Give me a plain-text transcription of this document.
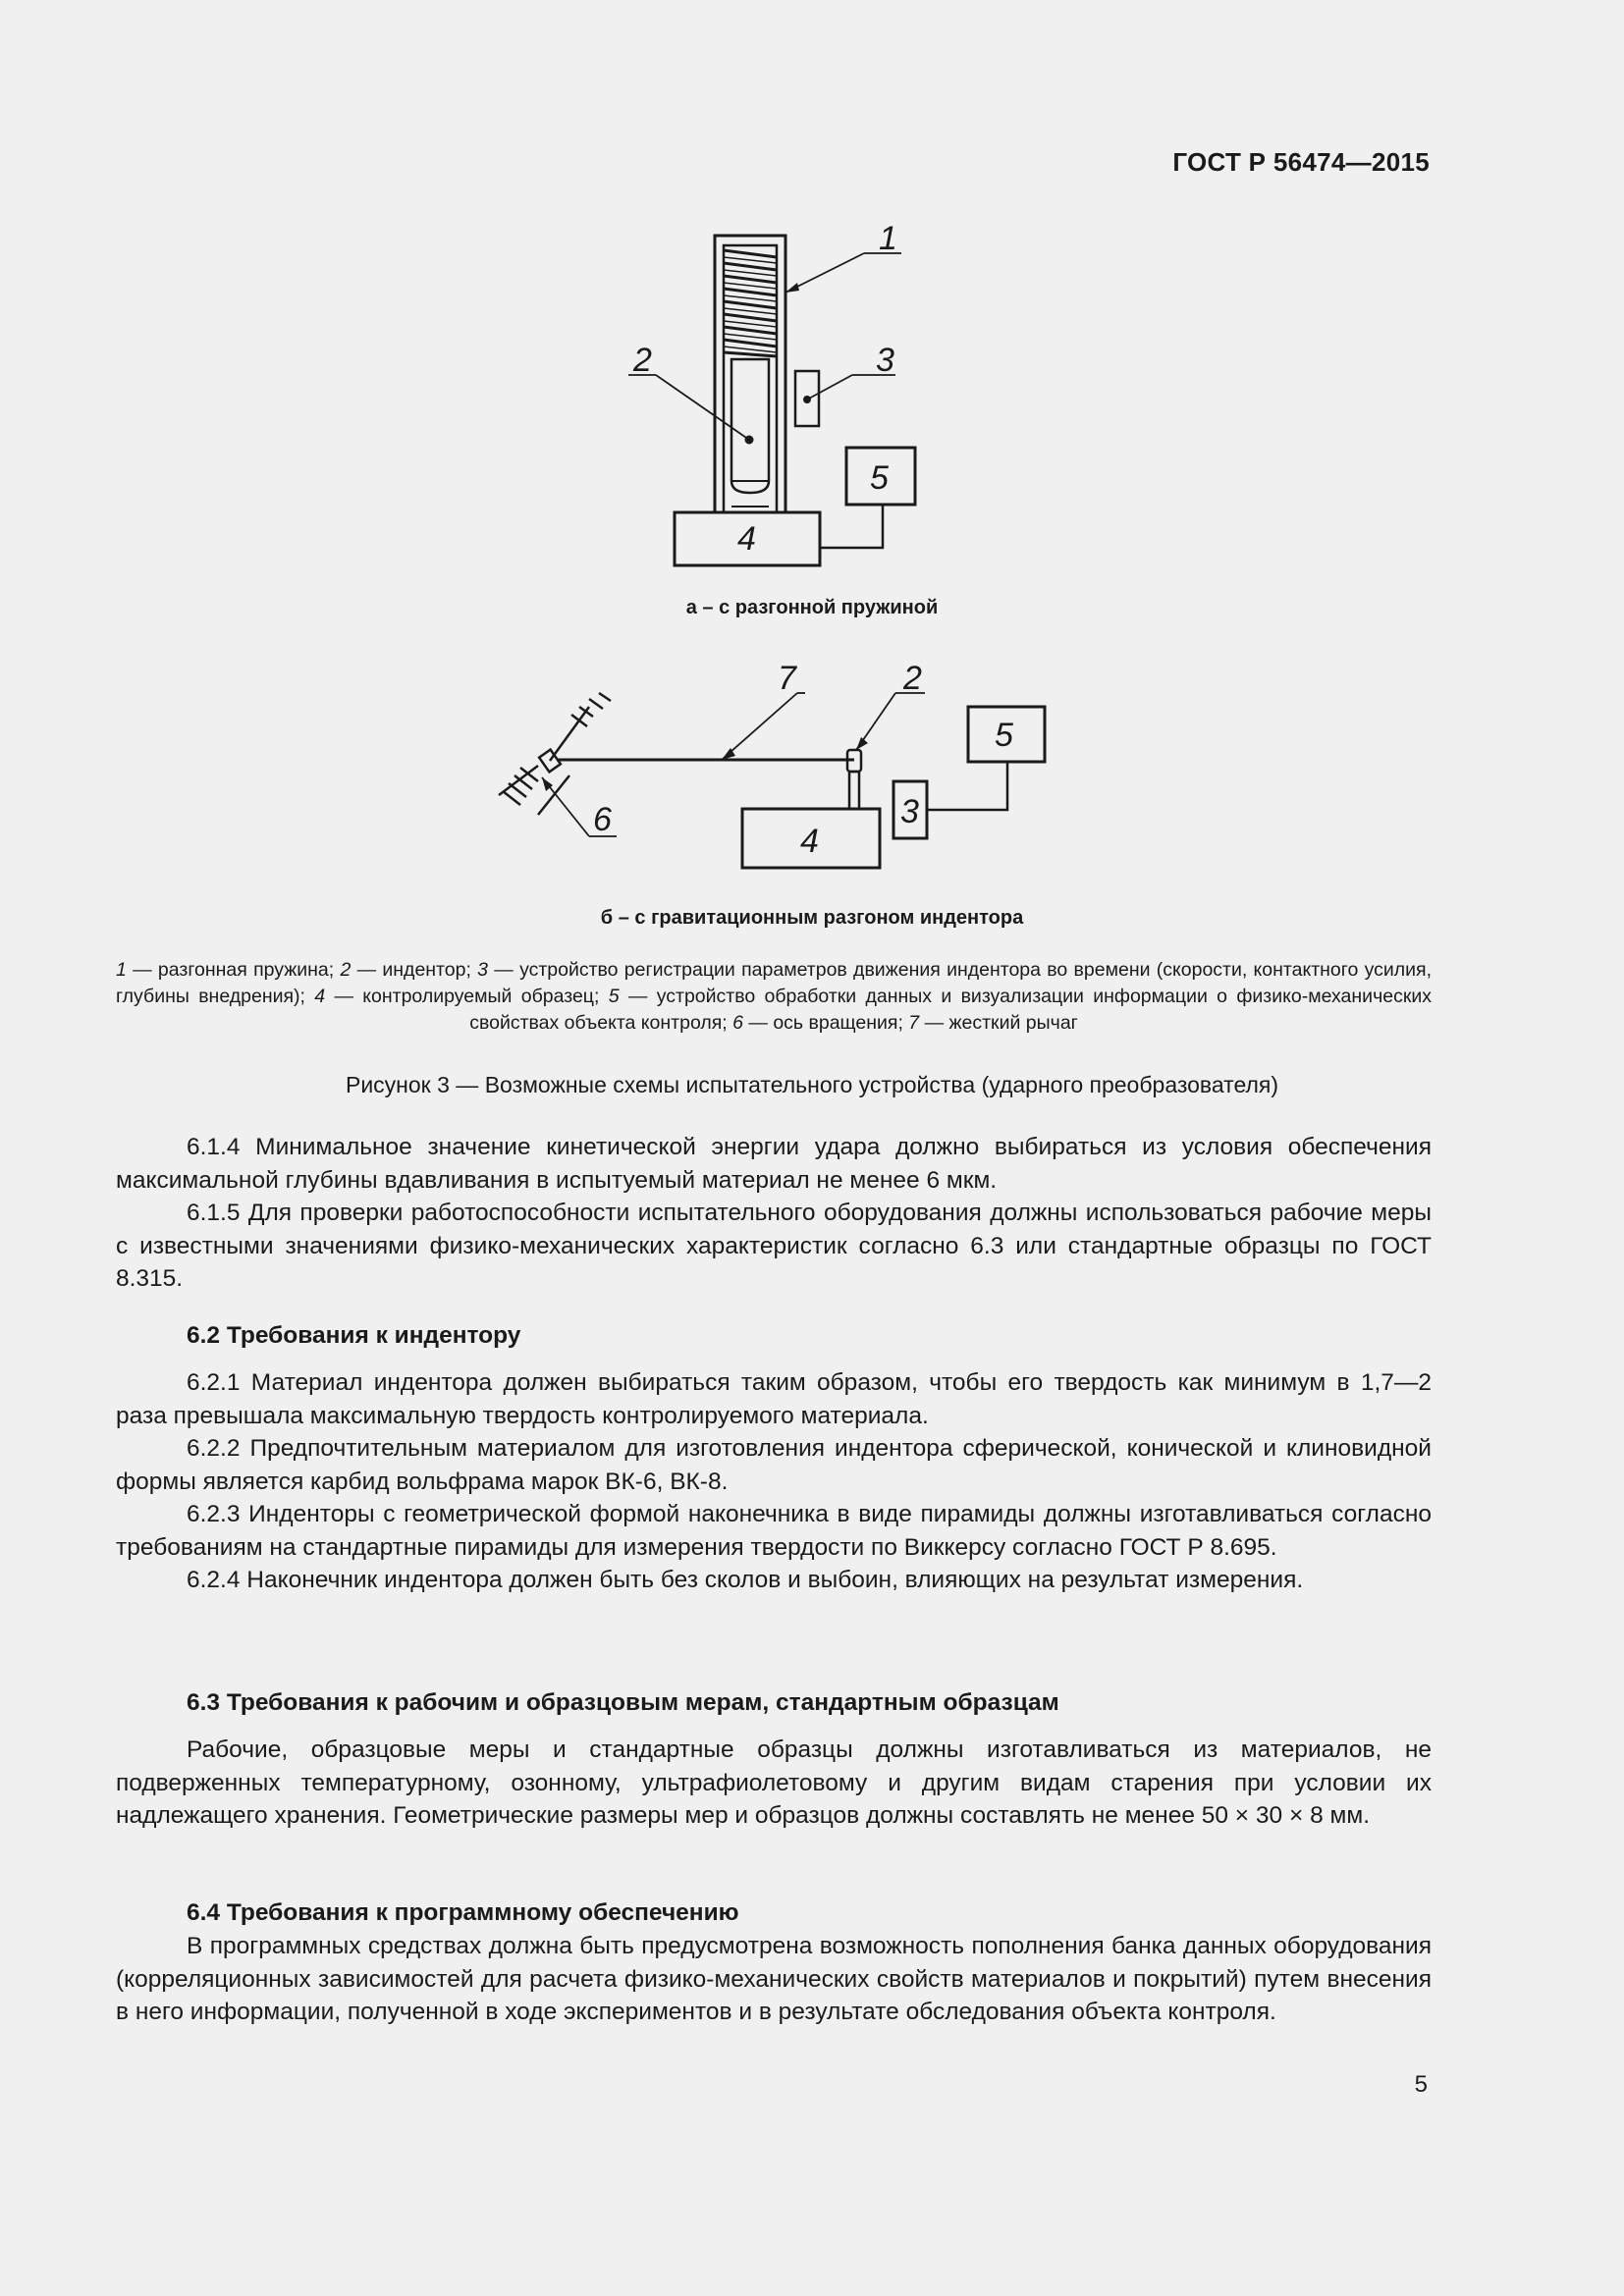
ГОСТ Р 56474—2015
1
2	3
4
5
7	2
5
3
4
6
а – с разгонной пружиной
б – с гравитационным разгоном индентора
1 — разгонная пружина; 2 — индентор; 3 — устройство регистрации параметров движения индентора во времени (скорости, контактного усилия, глубины внедрения); 4 — контролируемый образец; 5 — устройство обработки данных и визуализации информации о физико-механических свойствах объекта контроля; 6 — ось вращения; 7 — жесткий рычаг
Рисунок 3 — Возможные схемы испытательного устройства (ударного преобразователя)

6.1.4 Минимальное значение кинетической энергии удара должно выбираться из условия обеспечения максимальной глубины вдавливания в испытуемый материал не менее 6 мкм.

6.1.5 Для проверки работоспособности испытательного оборудования должны использоваться рабочие меры с известными значениями физико-механических характеристик согласно 6.3 или стандартные образцы по ГОСТ 8.315.

6.2 Требования к индентору

6.2.1 Материал индентора должен выбираться таким образом, чтобы его твердость как минимум в 1,7—2 раза превышала максимальную твердость контролируемого материала.

6.2.2 Предпочтительным материалом для изготовления индентора сферической, конической и клиновидной формы является карбид вольфрама марок ВК-6, ВК-8.

6.2.3 Инденторы с геометрической формой наконечника в виде пирамиды должны изготавливаться согласно требованиям на стандартные пирамиды для измерения твердости по Виккерсу согласно ГОСТ Р 8.695.

6.2.4 Наконечник индентора должен быть без сколов и выбоин, влияющих на результат измерения.

6.3 Требования к рабочим и образцовым мерам, стандартным образцам

Рабочие, образцовые меры и стандартные образцы должны изготавливаться из материалов, не подверженных температурному, озонному, ультрафиолетовому и другим видам старения при условии их надлежащего хранения. Геометрические размеры мер и образцов должны составлять не менее 50 × 30 × 8 мм.

6.4 Требования к программному обеспечению

В программных средствах должна быть предусмотрена возможность пополнения банка данных оборудования (корреляционных зависимостей для расчета физико-механических свойств материалов и покрытий) путем внесения в него информации, полученной в ходе экспериментов и в результате обследования объекта контроля.

5
